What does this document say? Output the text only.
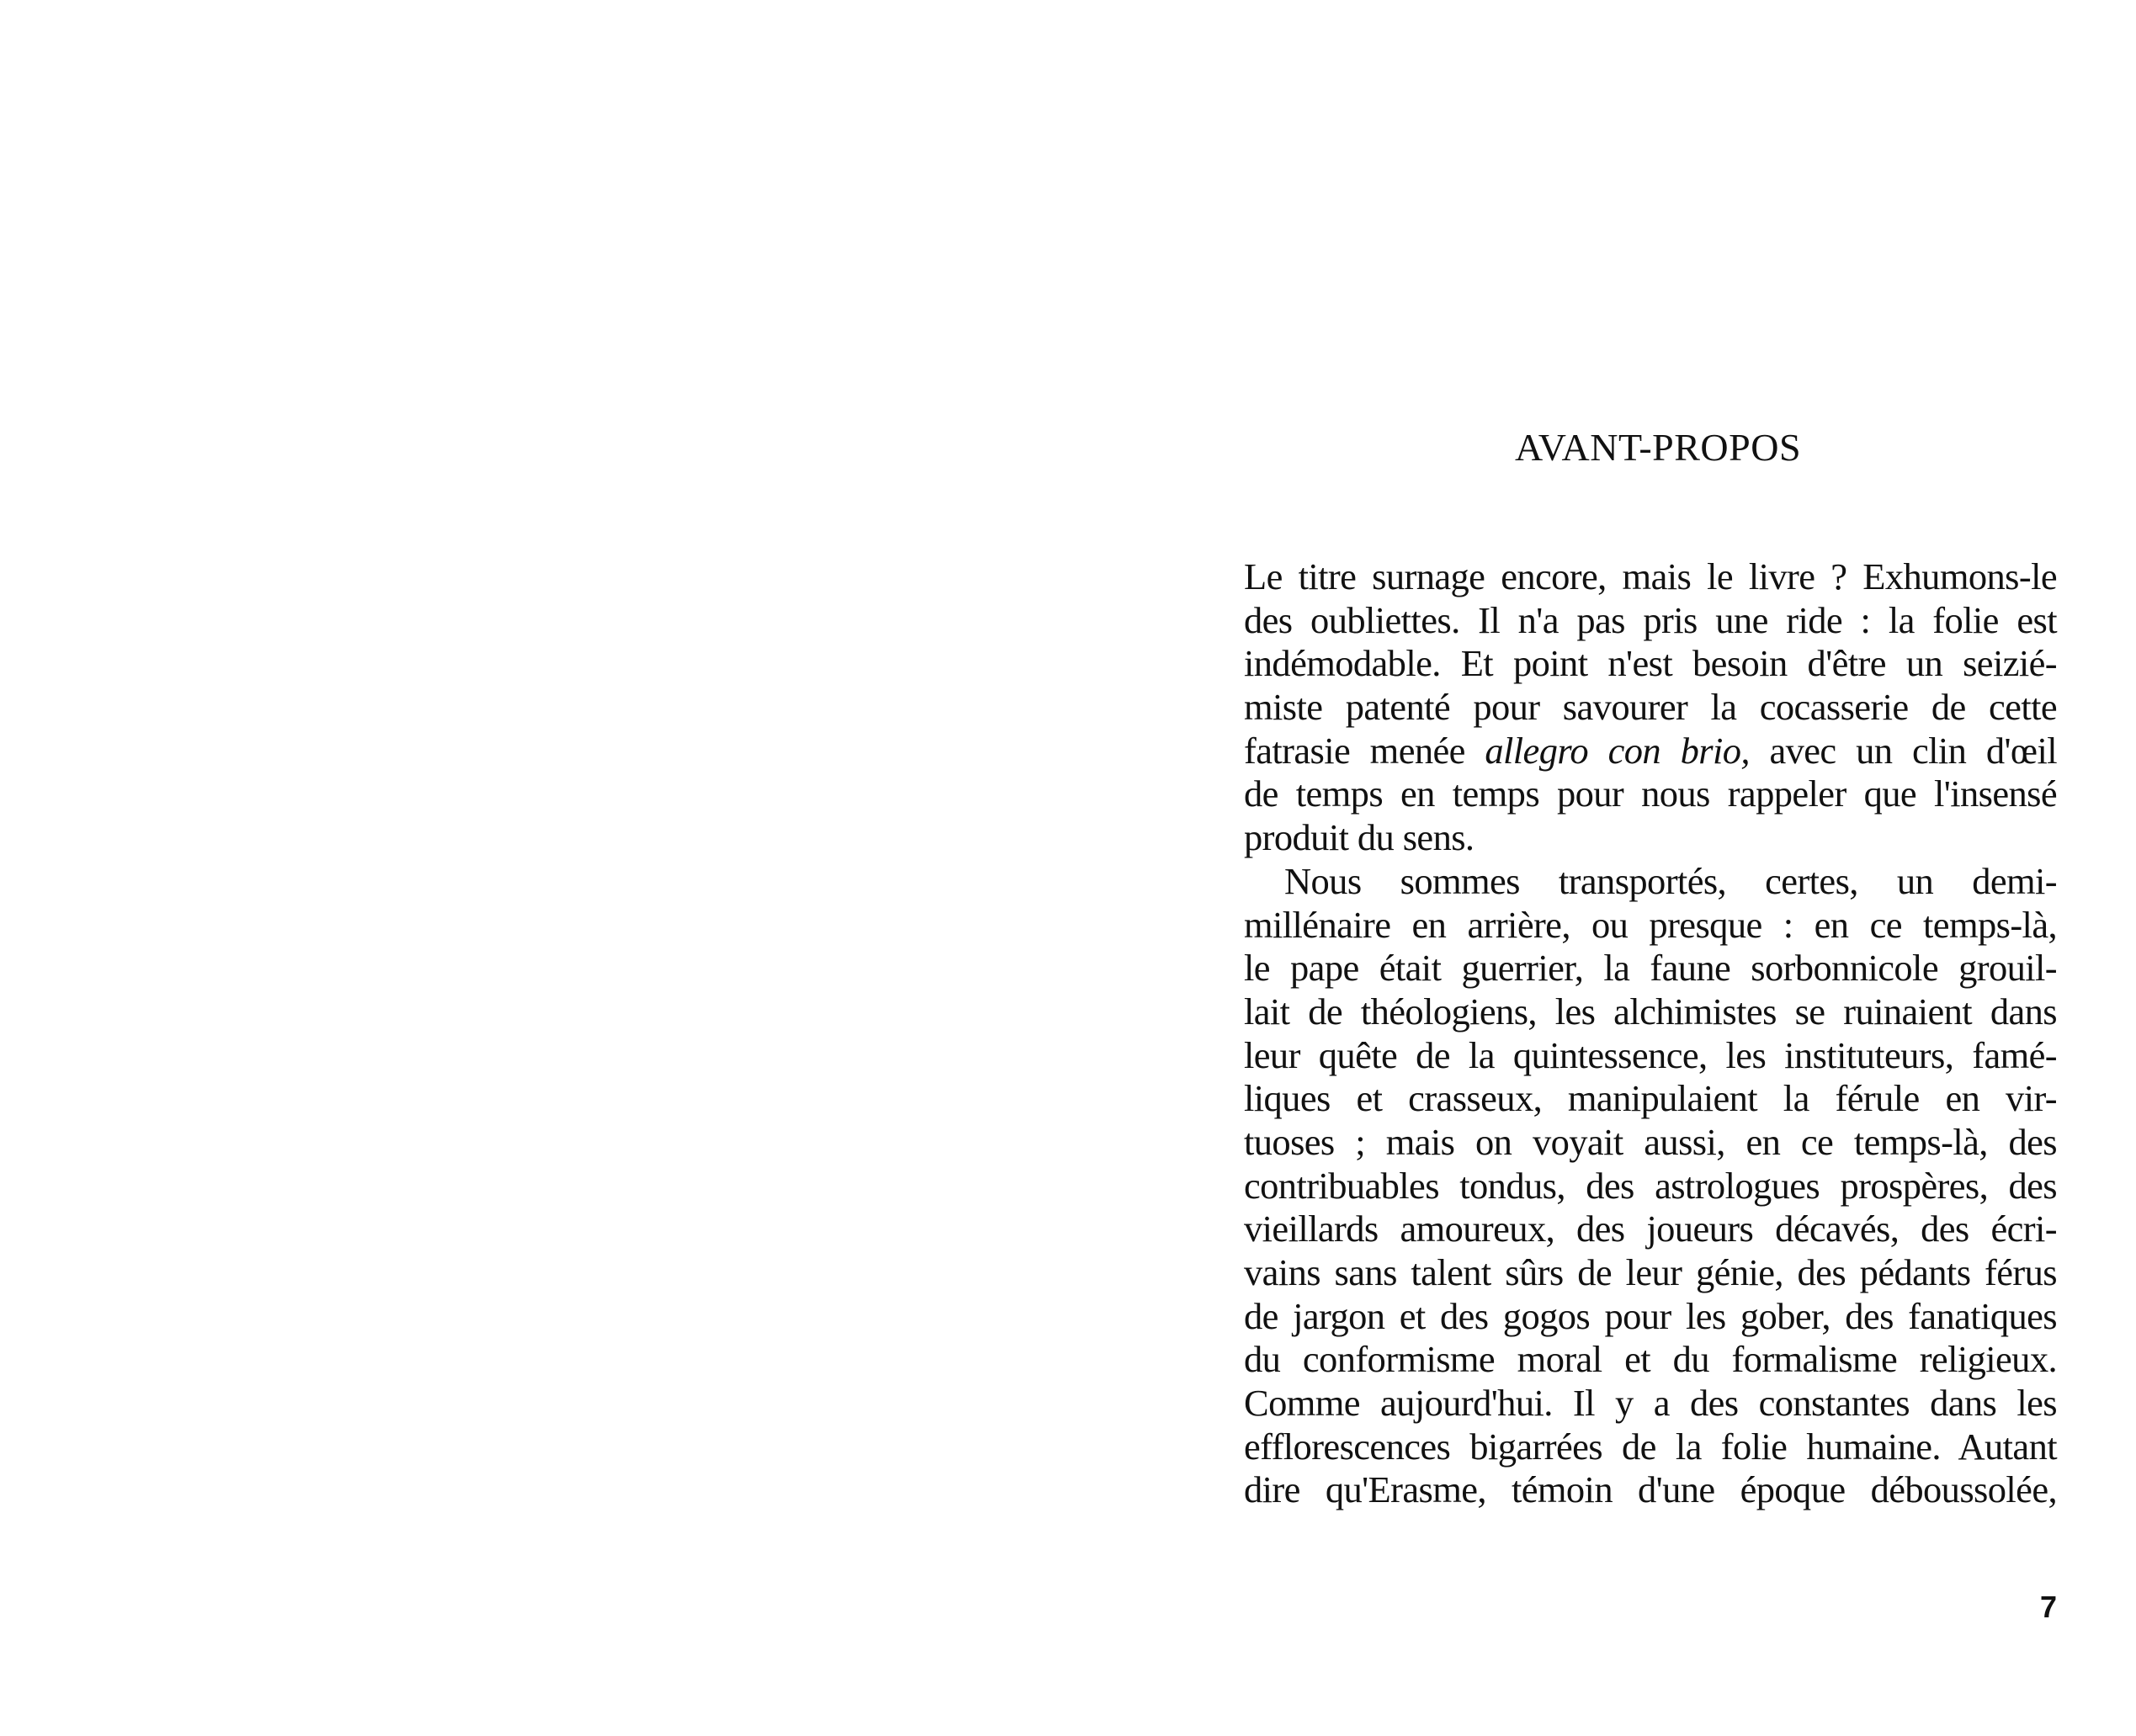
AVANT-PROPOS
Le titre surnage encore, mais le livre ? Exhumons-le
des oubliettes. Il n'a pas pris une ride : la folie est
indémodable. Et point n'est besoin d'être un seizié-
miste patenté pour savourer la cocasserie de cette
fatrasie menée allegro con brio, avec un clin d'œil
de temps en temps pour nous rappeler que l'insensé
produit du sens.
Nous sommes transportés, certes, un demi-
millénaire en arrière, ou presque : en ce temps-là,
le pape était guerrier, la faune sorbonnicole grouil-
lait de théologiens, les alchimistes se ruinaient dans
leur quête de la quintessence, les instituteurs, famé-
liques et crasseux, manipulaient la férule en vir-
tuoses ; mais on voyait aussi, en ce temps-là, des
contribuables tondus, des astrologues prospères, des
vieillards amoureux, des joueurs décavés, des écri-
vains sans talent sûrs de leur génie, des pédants férus
de jargon et des gogos pour les gober, des fanatiques
du conformisme moral et du formalisme religieux.
Comme aujourd'hui. Il y a des constantes dans les
efflorescences bigarrées de la folie humaine. Autant
dire qu'Erasme, témoin d'une époque déboussolée,

7
